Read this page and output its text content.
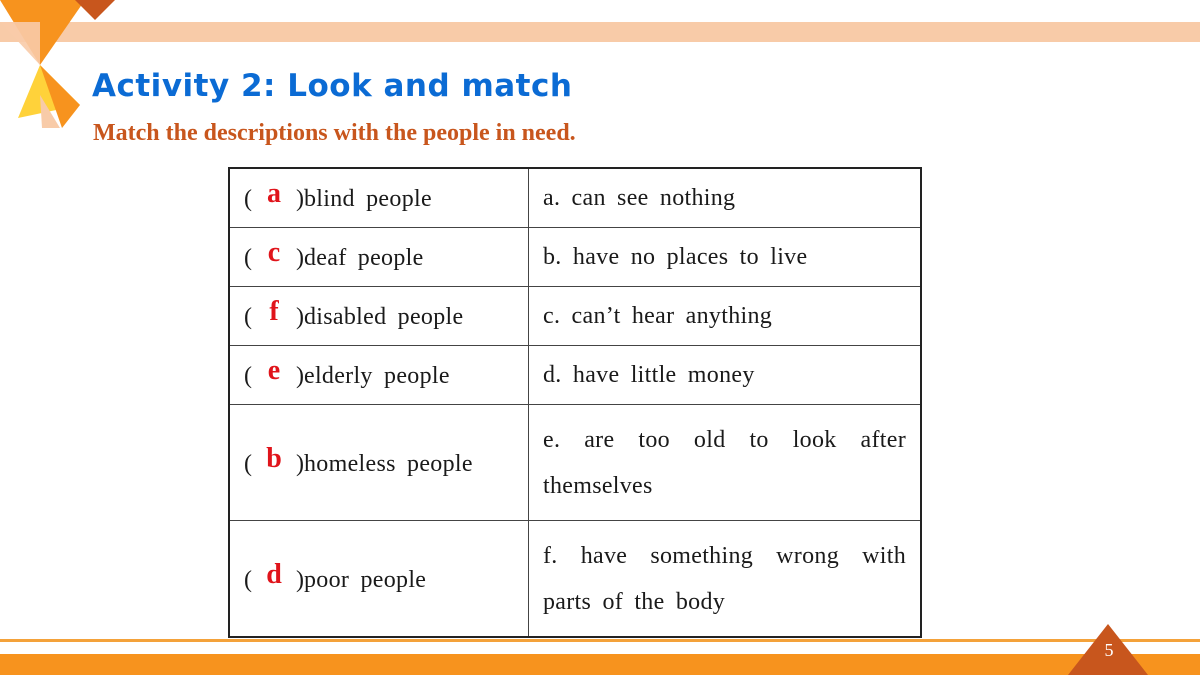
Activity 2: Look and match
Match the descriptions with the people in need.
( a )blind people	a. can see nothing
( c )deaf people	b. have no places to live
( f )disabled people	c. can’t hear anything
( e )elderly people	d. have little money
( b )homeless people	e. are too old to look after themselves
( d )poor people	f. have something wrong with parts of the body
5
